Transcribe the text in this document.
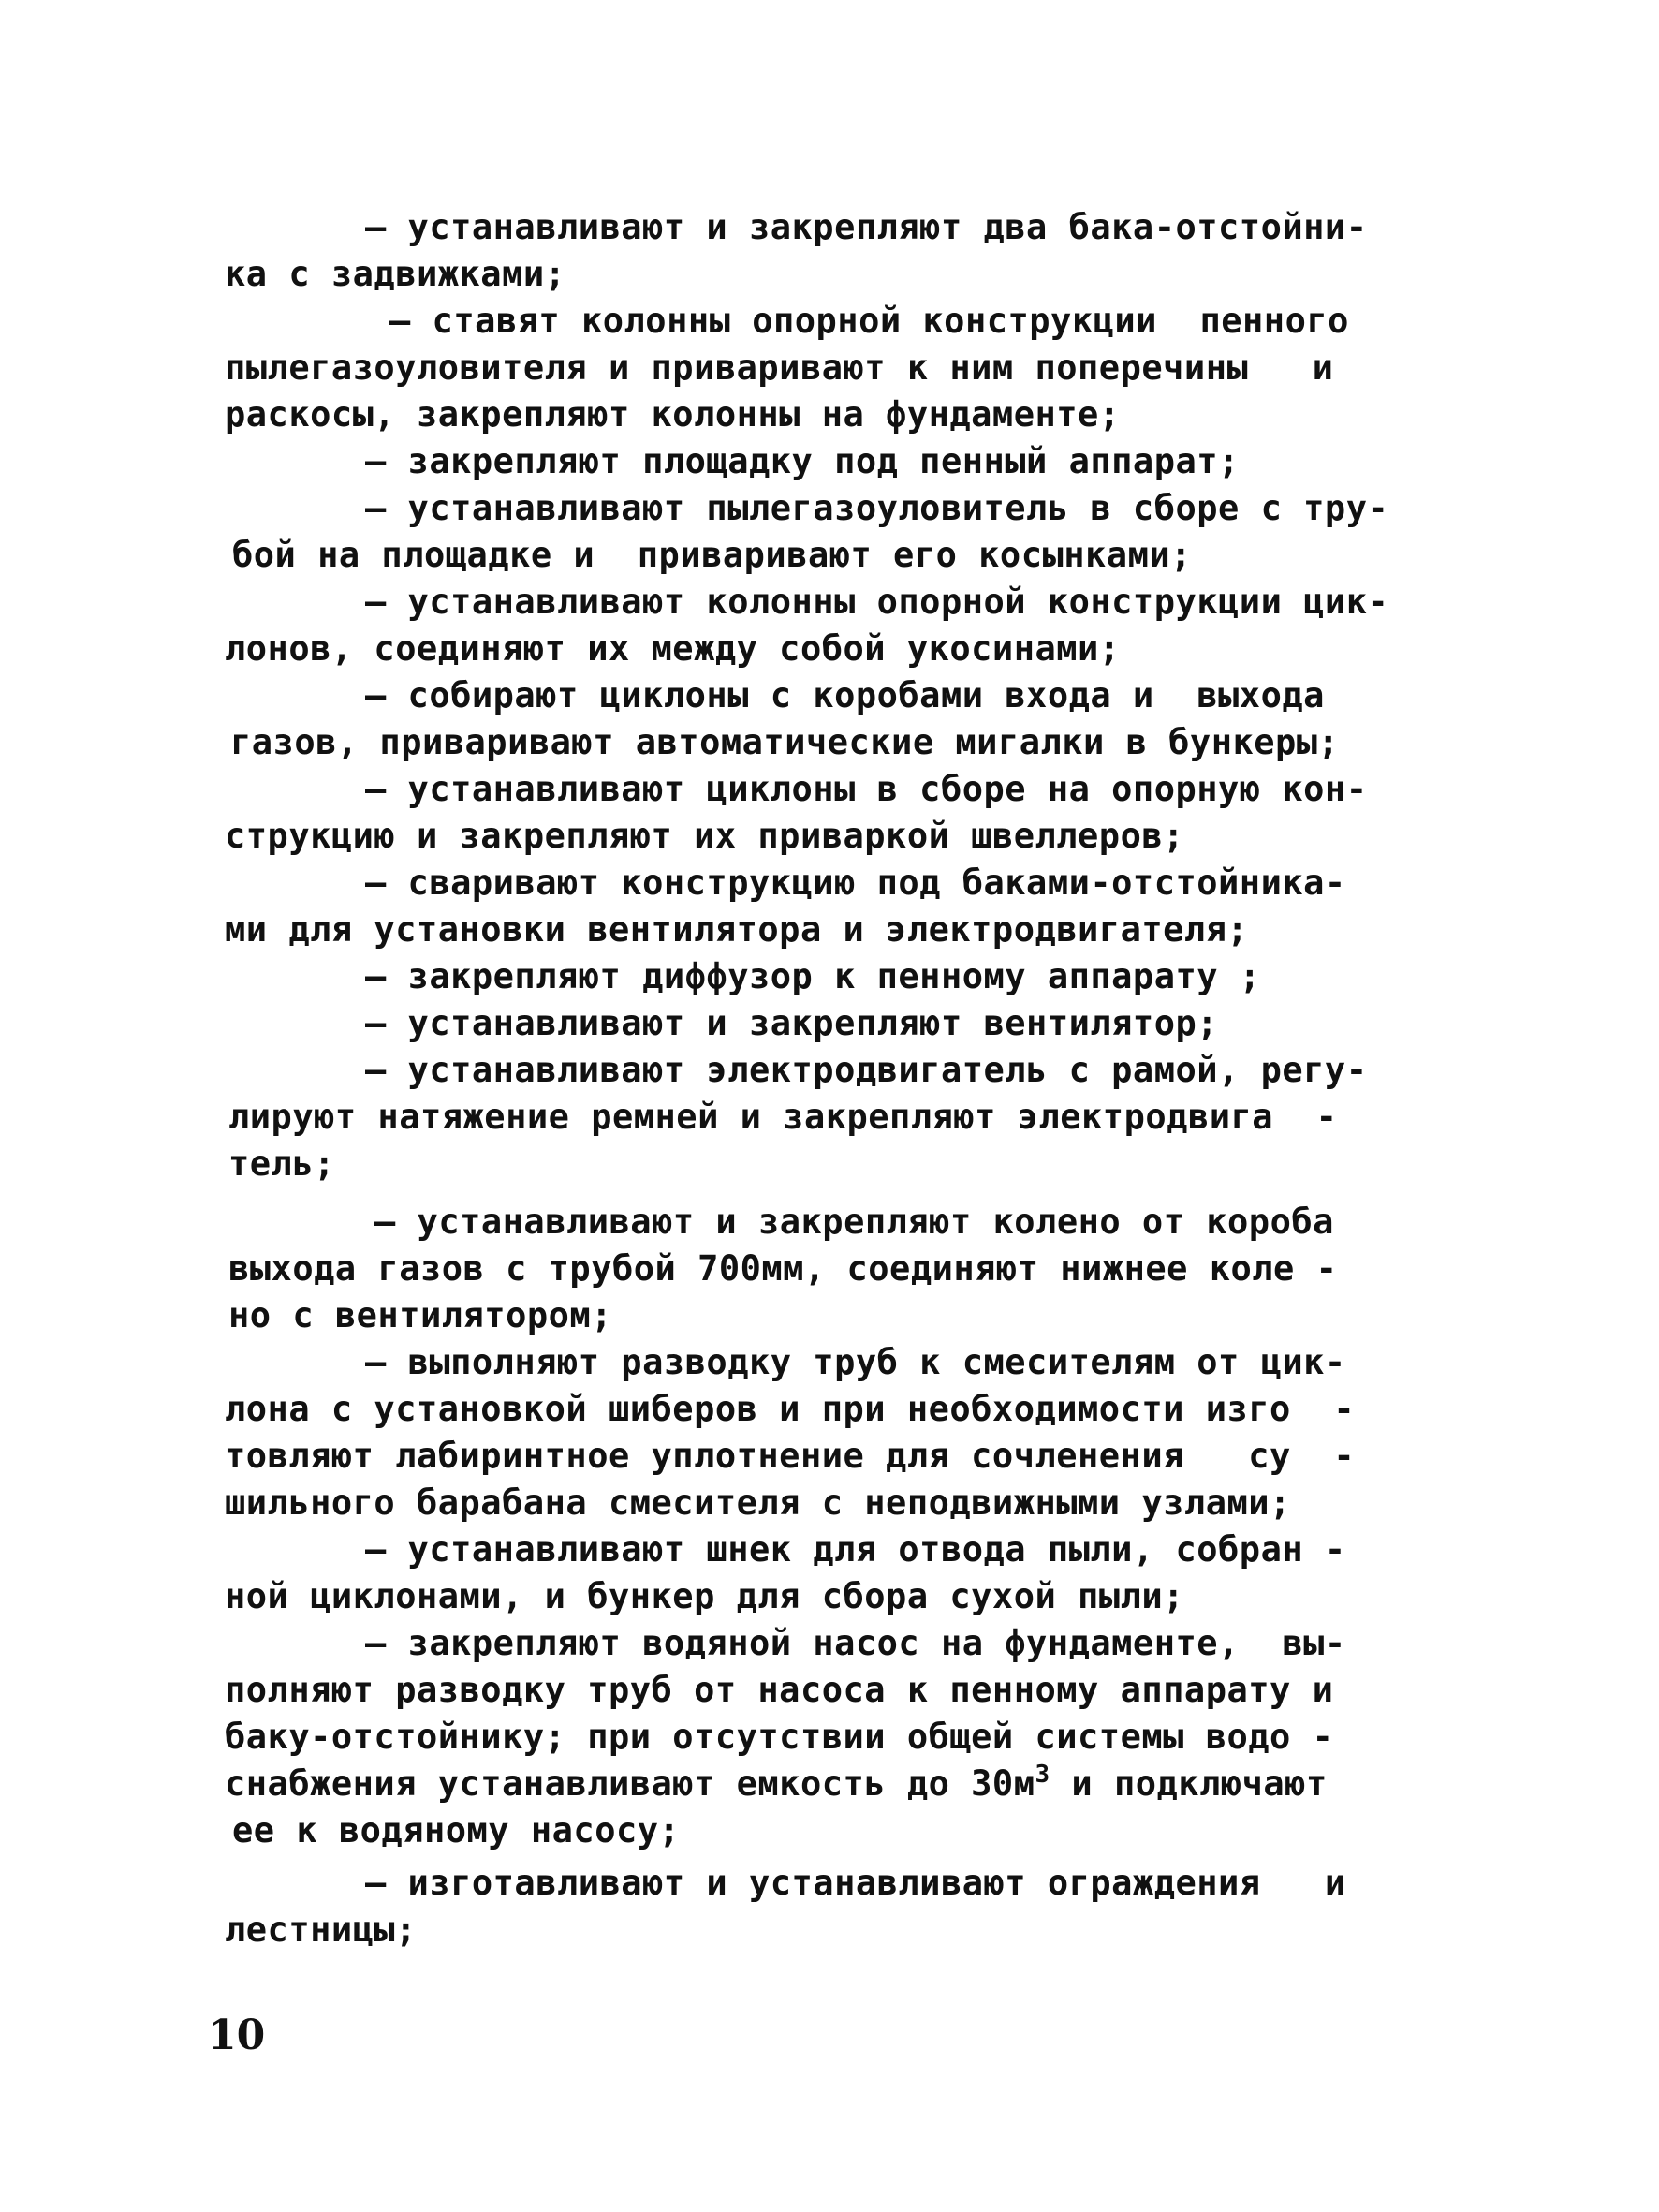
– устанавливают и закрепляют два бака-отстойни-
ка с задвижками;
– ставят колонны опорной конструкции  пенного
пылегазоуловителя и приваривают к ним поперечины   и
раскосы, закрепляют колонны на фундаменте;
– закрепляют площадку под пенный аппарат;
– устанавливают пылегазоуловитель в сборе с тру-
бой на площадке и  приваривают его косынками;
– устанавливают колонны опорной конструкции цик-
лонов, соединяют их между собой укосинами;
– собирают циклоны с коробами входа и  выхода
газов, приваривают автоматические мигалки в бункеры;
– устанавливают циклоны в сборе на опорную кон-
струкцию и закрепляют их приваркой швеллеров;
– сваривают конструкцию под баками-отстойника-
ми для установки вентилятора и электродвигателя;
– закрепляют диффузор к пенному аппарату ;
– устанавливают и закрепляют вентилятор;
– устанавливают электродвигатель с рамой, регу-
лируют натяжение ремней и закрепляют электродвига  -
тель;
– устанавливают и закрепляют колено от короба
выхода газов с трубой 700мм, соединяют нижнее коле -
но с вентилятором;
– выполняют разводку труб к смесителям от цик-
лона с установкой шиберов и при необходимости изго  -
товляют лабиринтное уплотнение для сочленения   су  -
шильного барабана смесителя с неподвижными узлами;
– устанавливают шнек для отвода пыли, собран -
ной циклонами, и бункер для сбора сухой пыли;
– закрепляют водяной насос на фундаменте,  вы-
полняют разводку труб от насоса к пенному аппарату и
баку-отстойнику; при отсутствии общей системы водо -
снабжения устанавливают емкость до $30м^3$ и подключают
ее к водяному насосу;
– изготавливают и устанавливают ограждения   и
лестницы;
10
